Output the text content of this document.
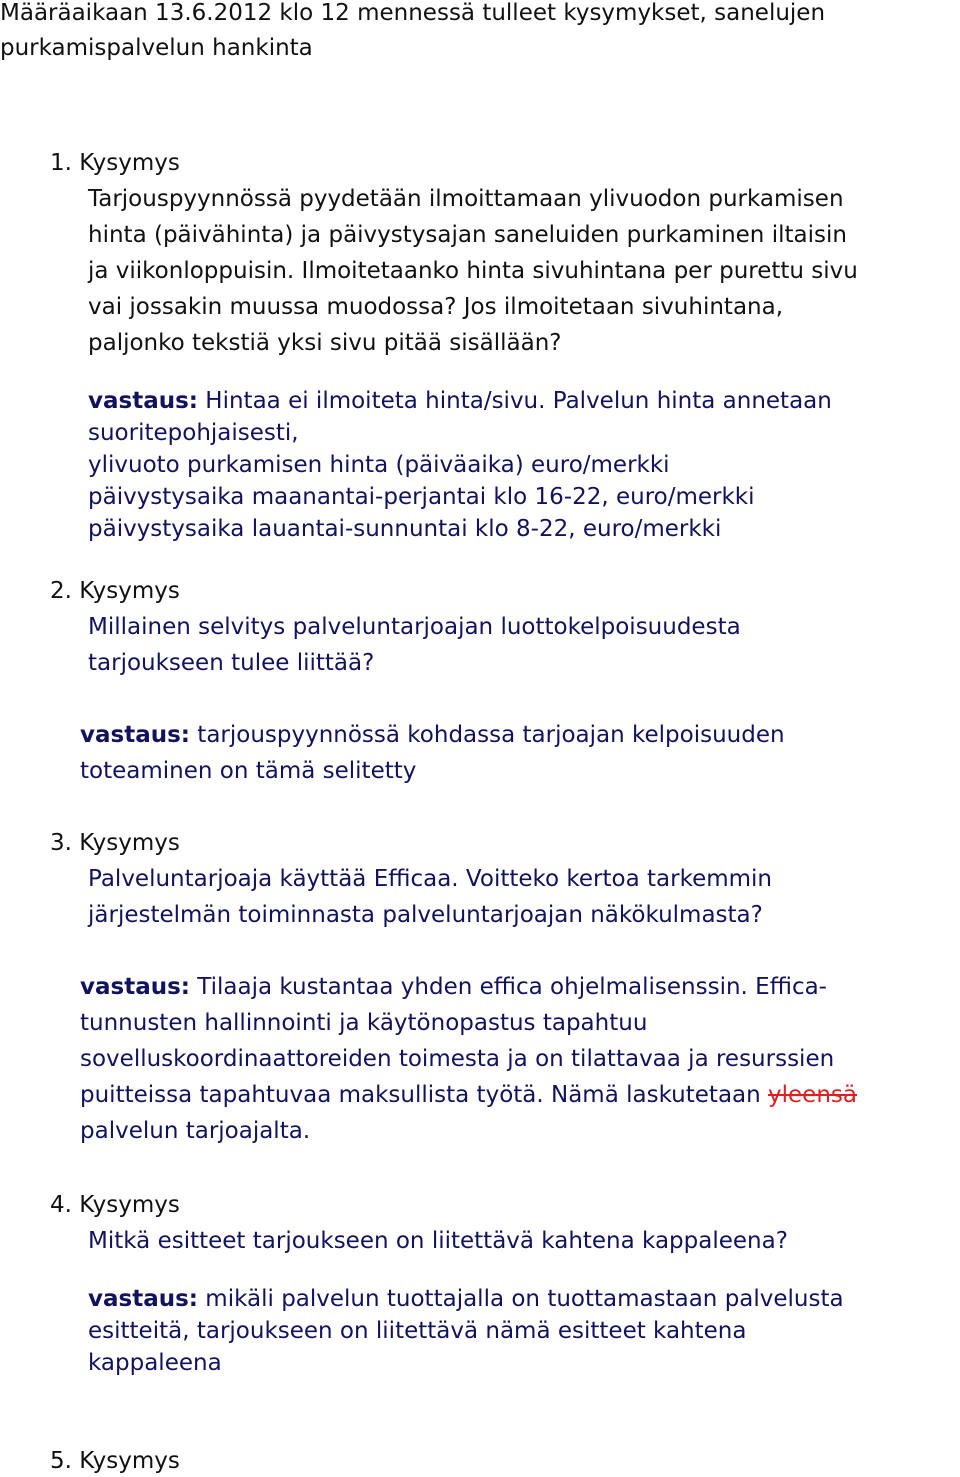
Määräaikaan 13.6.2012 klo 12 mennessä tulleet kysymykset, sanelujen
purkamispalvelun hankinta
1. Kysymys
Tarjouspyynnössä pyydetään ilmoittamaan ylivuodon purkamisen
hinta (päivähinta) ja päivystysajan saneluiden purkaminen iltaisin
ja viikonloppuisin. Ilmoitetaanko hinta sivuhintana per purettu sivu
vai jossakin muussa muodossa? Jos ilmoitetaan sivuhintana,
paljonko tekstiä yksi sivu pitää sisällään?
vastaus: Hintaa ei ilmoiteta hinta/sivu. Palvelun hinta annetaan
suoritepohjaisesti,
ylivuoto purkamisen hinta (päiväaika) euro/merkki
päivystysaika maanantai-perjantai klo 16-22, euro/merkki
päivystysaika lauantai-sunnuntai klo 8-22, euro/merkki
2. Kysymys
Millainen selvitys palveluntarjoajan luottokelpoisuudesta
tarjoukseen tulee liittää?
vastaus: tarjouspyynnössä kohdassa tarjoajan kelpoisuuden
toteaminen on tämä selitetty
3. Kysymys
Palveluntarjoaja käyttää Efficaa. Voitteko kertoa tarkemmin
järjestelmän toiminnasta palveluntarjoajan näkökulmasta?
vastaus: Tilaaja kustantaa yhden effica ohjelmalisenssin. Effica-
tunnusten hallinnointi ja käytönopastus tapahtuu
sovelluskoordinaattoreiden toimesta ja on tilattavaa ja resurssien
puitteissa tapahtuvaa maksullista työtä. Nämä laskutetaan yleensä
palvelun tarjoajalta.
4. Kysymys
Mitkä esitteet tarjoukseen on liitettävä kahtena kappaleena?
vastaus: mikäli palvelun tuottajalla on tuottamastaan palvelusta
esitteitä, tarjoukseen on liitettävä nämä esitteet kahtena
kappaleena
5. Kysymys
